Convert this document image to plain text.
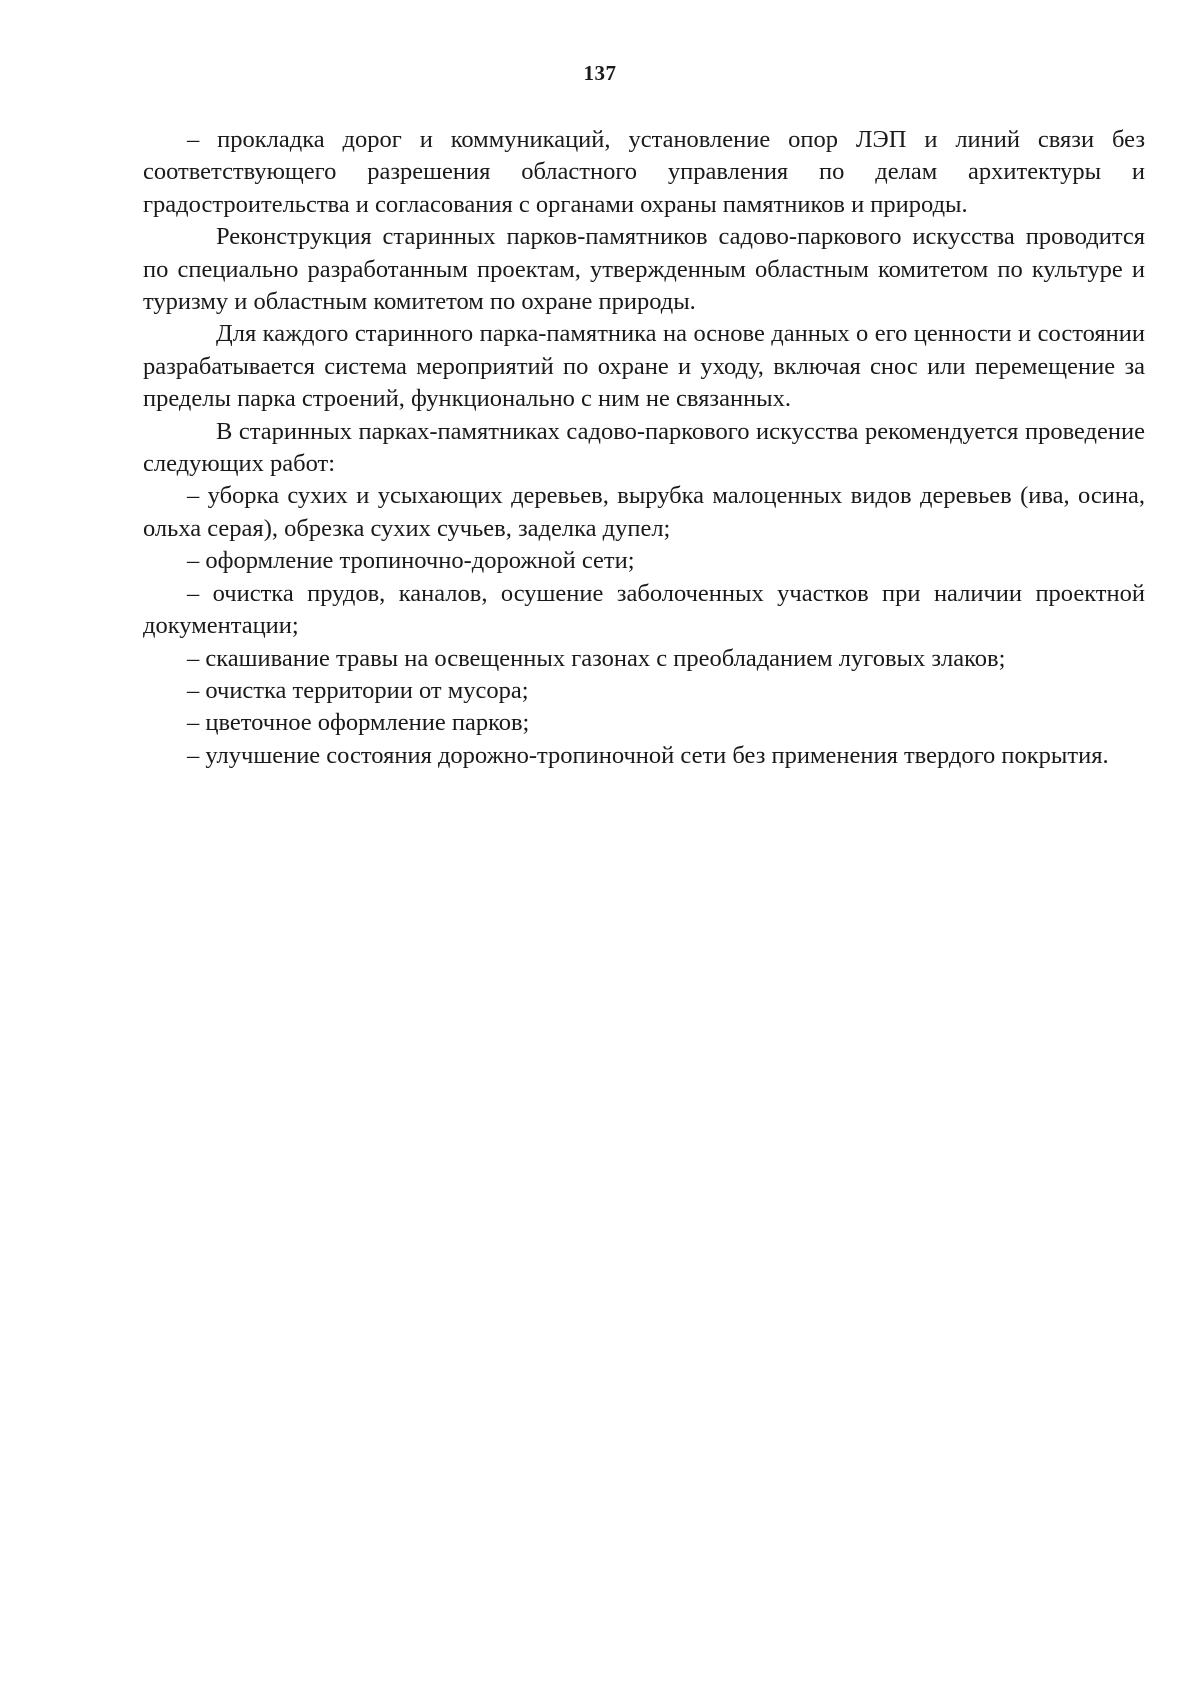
137

– прокладка дорог и коммуникаций, установление опор ЛЭП и линий связи без соответствующего разрешения областного управления по делам архитектуры и градостроительства и согласования с органами охраны памятников и природы.

Реконструкция старинных парков-памятников садово-паркового искусства проводится по специально разработанным проектам, утвержденным областным комитетом по культуре и туризму и областным комитетом по охране природы.

Для каждого старинного парка-памятника на основе данных о его ценности и состоянии разрабатывается система мероприятий по охране и уходу, включая снос или перемещение за пределы парка строений, функционально с ним не связанных.

В старинных парках-памятниках садово-паркового искусства рекомендуется проведение следующих работ:

– уборка сухих и усыхающих деревьев, вырубка малоценных видов деревьев (ива, осина, ольха серая), обрезка сухих сучьев, заделка дупел;

– оформление тропиночно-дорожной сети;

– очистка прудов, каналов, осушение заболоченных участков при наличии проектной документации;

– скашивание травы на освещенных газонах с преобладанием луговых злаков;

– очистка территории от мусора;

– цветочное оформление парков;

– улучшение состояния дорожно-тропиночной сети без применения твердого покрытия.
